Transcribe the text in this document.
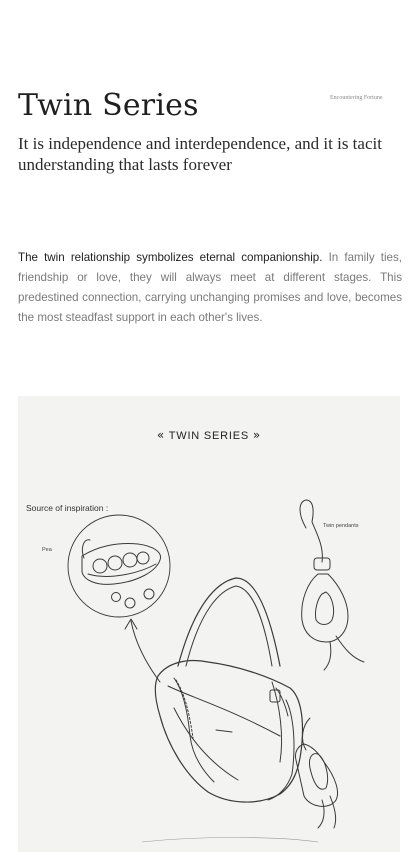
Encountering Fortune
Twin Series

It is independence and interdependence, and it is tacit understanding that lasts forever

The twin relationship symbolizes eternal companionship. In family ties, friendship or love, they will always meet at different stages. This predestined connection, carrying unchanging promises and love, becomes the most steadfast support in each other's lives.

« TWIN SERIES »
Source of inspiration :
Pea
Twin pendants
